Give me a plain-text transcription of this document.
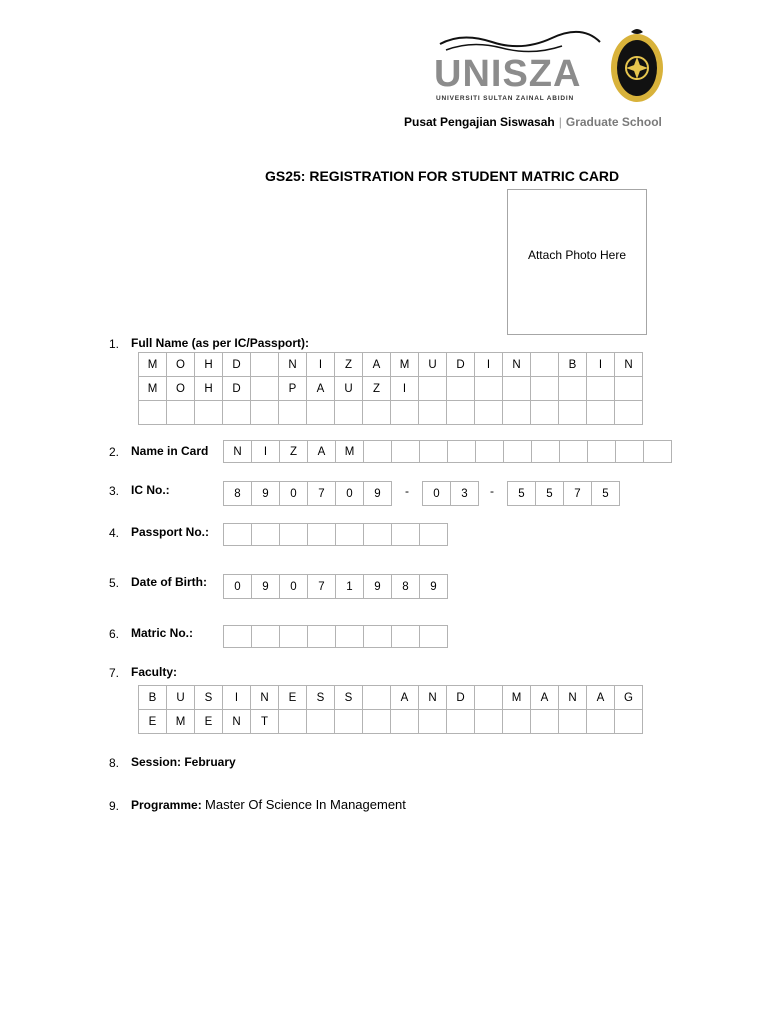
UNISZA
UNIVERSITI SULTAN ZAINAL ABIDIN
Pusat Pengajian Siswasah | Graduate School
GS25: REGISTRATION FOR STUDENT MATRIC CARD
Attach Photo Here
1. Full Name (as per IC/Passport):
M	O	H	D		N	I	Z	A	M	U	D	I	N		B	I	N
M	O	H	D		P	A	U	Z	I								

2. Name in Card N	I	Z	A	M											
3. IC No.:	8	9	0	7	0	9 - 0	3 - 5	5	7	5
4. Passport No.:

5. Date of Birth: 0	9	0	7	1	9	8	9
6. Matric No.:

7. Faculty:
B	U	S	I	N	E	S	S		A	N	D		M	A	N	A	G
E	M	E	N	T													
8. Session: February
9. Programme: Master Of Science In Management
